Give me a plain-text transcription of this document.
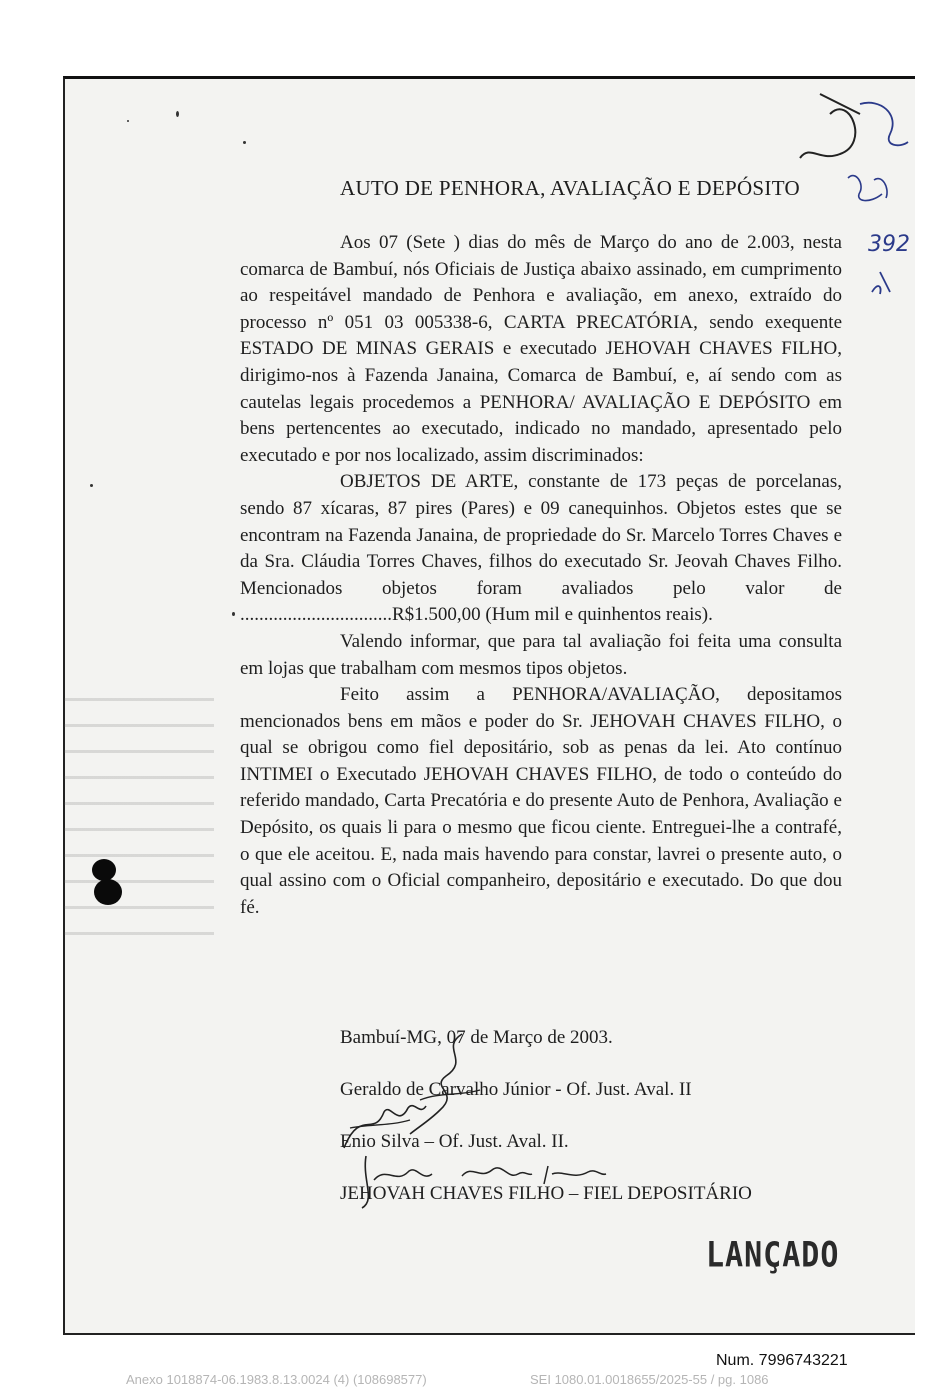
AUTO DE PENHORA, AVALIAÇÃO E DEPÓSITO

Aos 07 (Sete ) dias do mês de Março do ano de 2.003, nesta comarca de Bambuí, nós Oficiais de Justiça abaixo assinado, em cumprimento ao respeitável mandado de Penhora e avaliação, em anexo, extraído do processo nº 051 03 005338-6, CARTA PRECATÓRIA, sendo exequente ESTADO DE MINAS GERAIS e executado JEHOVAH CHAVES FILHO, dirigimo-nos à Fazenda Janaina, Comarca de Bambuí, e, aí sendo com as cautelas legais procedemos a PENHORA/ AVALIAÇÃO E DEPÓSITO em bens pertencentes ao executado, indicado no mandado, apresentado pelo executado e por nos localizado, assim discriminados:

OBJETOS DE ARTE, constante de 173 peças de porcelanas, sendo 87 xícaras, 87 pires (Pares) e 09 canequinhos. Objetos estes que se encontram na Fazenda Janaina, de propriedade do Sr. Marcelo Torres Chaves e da Sra. Cláudia Torres Chaves, filhos do executado Sr. Jeovah Chaves Filho. Mencionados objetos foram avaliados pelo valor de ................................R$1.500,00 (Hum mil e quinhentos reais).

Valendo informar, que para tal avaliação foi feita uma consulta em lojas que trabalham com mesmos tipos objetos.

Feito assim a PENHORA/AVALIAÇÃO, depositamos mencionados bens em mãos e poder do Sr. JEHOVAH CHAVES FILHO, o qual se obrigou como fiel depositário, sob as penas da lei. Ato contínuo INTIMEI o Executado JEHOVAH CHAVES FILHO, de todo o conteúdo do referido mandado, Carta Precatória e do presente Auto de Penhora, Avaliação e Depósito, os quais li para o mesmo que ficou ciente. Entreguei-lhe a contrafé, o que ele aceitou. E, nada mais havendo para constar, lavrei o presente auto, o qual assino com o Oficial companheiro, depositário e executado. Do que dou fé.

Bambuí-MG, 07 de Março de 2003.
Geraldo de Carvalho Júnior - Of. Just. Aval. II
Enio Silva – Of. Just. Aval. II.
JEHOVAH CHAVES FILHO – FIEL DEPOSITÁRIO
392
LANÇADO
Num. 7996743221
Anexo 1018874-06.1983.8.13.0024 (4) (108698577)	SEI 1080.01.0018655/2025-55 / pg. 1086
